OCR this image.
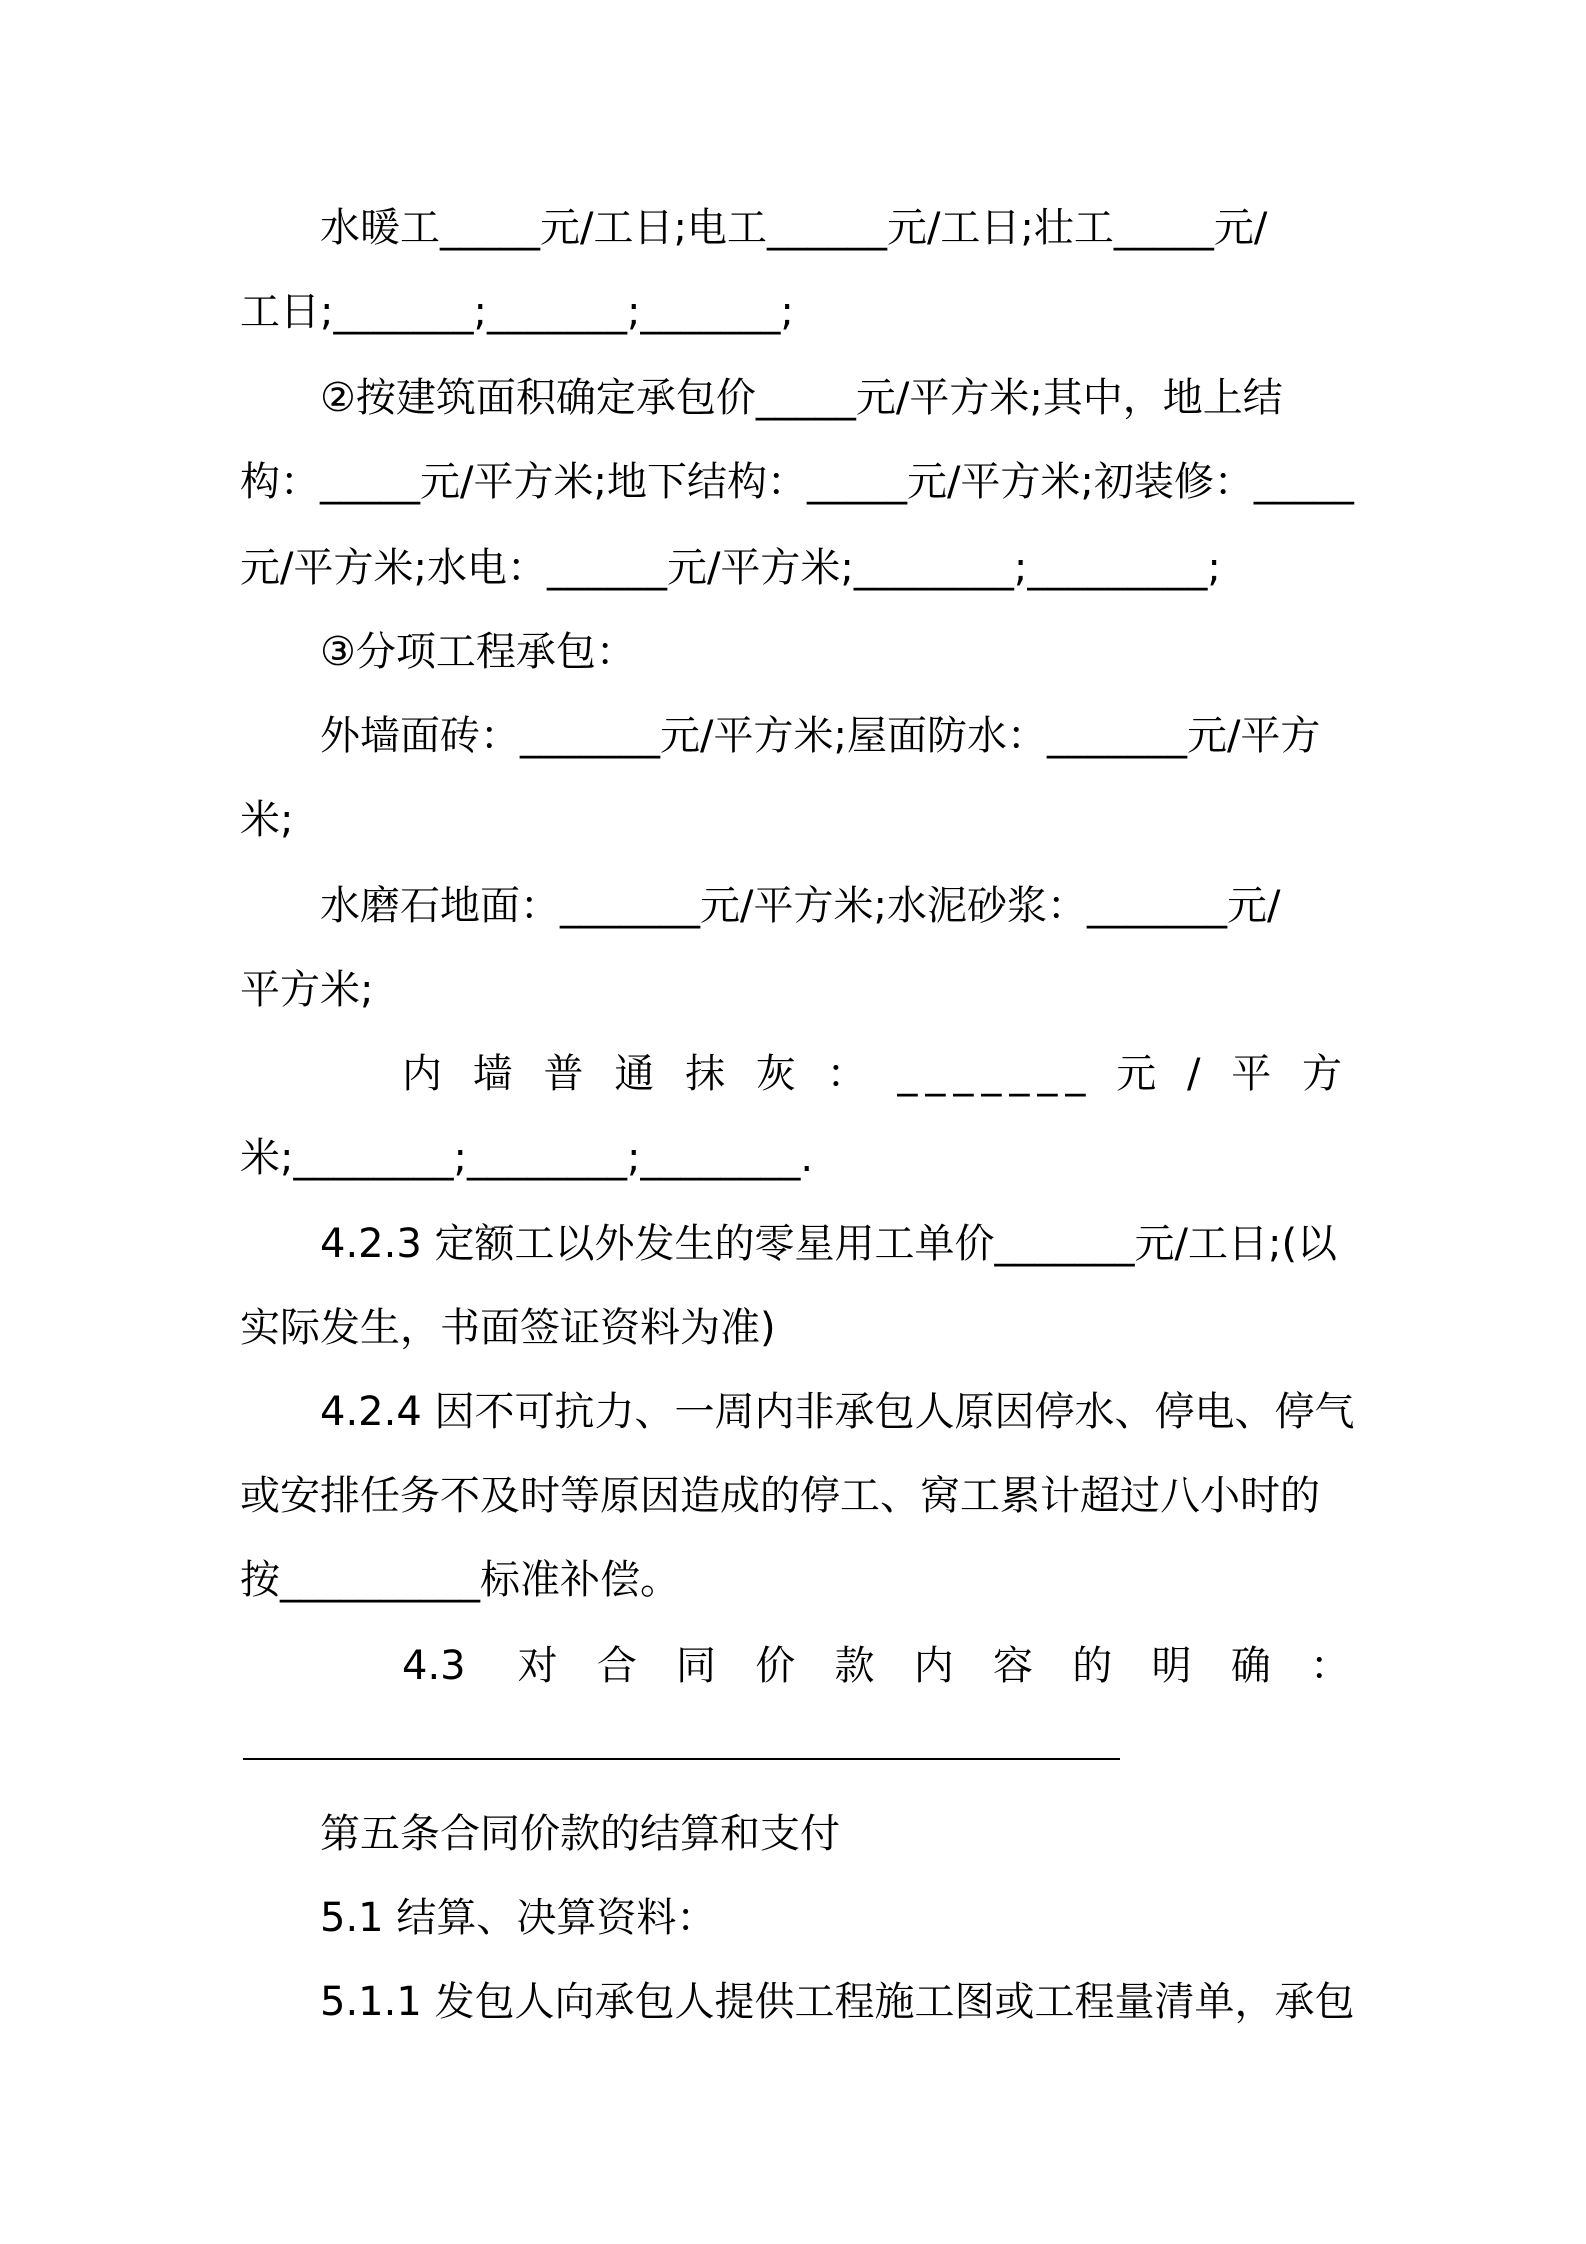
水暖工_____元/工日;电工______元/工日;壮工_____元/
工日;_______;_______;_______;
②按建筑面积确定承包价_____元/平方米;其中，地上结
构：_____元/平方米;地下结构：_____元/平方米;初装修：_____
元/平方米;水电：______元/平方米;________;_________;
③分项工程承包：
外墙面砖：_______元/平方米;屋面防水：_______元/平方
米;
水磨石地面：_______元/平方米;水泥砂浆：_______元/
平方米;
内墙普通抹灰：_______元/平方
米;________;________;________.
4.2.3 定额工以外发生的零星用工单价_______元/工日;(以
实际发生，书面签证资料为准)
4.2.4 因不可抗力、一周内非承包人原因停水、停电、停气
或安排任务不及时等原因造成的停工、窝工累计超过八小时的
按__________标准补偿。
4.3 对合同价款内容的明确：
第五条合同价款的结算和支付
5.1 结算、决算资料：
5.1.1 发包人向承包人提供工程施工图或工程量清单，承包
